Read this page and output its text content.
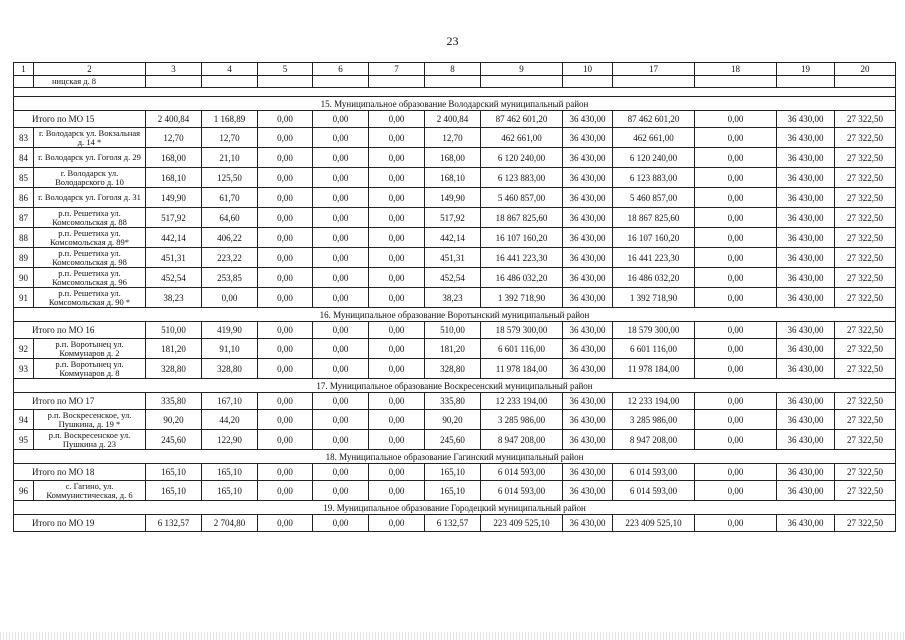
23
1	2	3	4	5	6	7	8	9	10	17	18	19	20
	ницская д. 8												

15. Муниципальное образование Володарский муниципальный район													
Итого по МО 15		2 400,84	1 168,89	0,00	0,00	0,00	2 400,84	87 462 601,20	36 430,00	87 462 601,20	0,00	36 430,00	27 322,50
83	г. Володарск ул. Вокзальная д. 14 *	12,70	12,70	0,00	0,00	0,00	12,70	462 661,00	36 430,00	462 661,00	0,00	36 430,00	27 322,50
84	г. Володарск ул. Гоголя д. 29	168,00	21,10	0,00	0,00	0,00	168,00	6 120 240,00	36 430,00	6 120 240,00	0,00	36 430,00	27 322,50
85	г. Володарск ул. Володарского д. 10	168,10	125,50	0,00	0,00	0,00	168,10	6 123 883,00	36 430,00	6 123 883,00	0,00	36 430,00	27 322,50
86	г. Володарск ул. Гоголя д. 31	149,90	61,70	0,00	0,00	0,00	149,90	5 460 857,00	36 430,00	5 460 857,00	0,00	36 430,00	27 322,50
87	р.п. Решетиха ул. Комсомольская д. 88	517,92	64,60	0,00	0,00	0,00	517,92	18 867 825,60	36 430,00	18 867 825,60	0,00	36 430,00	27 322,50
88	р.п. Решетиха ул. Комсомольская д. 89*	442,14	406,22	0,00	0,00	0,00	442,14	16 107 160,20	36 430,00	16 107 160,20	0,00	36 430,00	27 322,50
89	р.п. Решетиха ул. Комсомольская д. 98	451,31	223,22	0,00	0,00	0,00	451,31	16 441 223,30	36 430,00	16 441 223,30	0,00	36 430,00	27 322,50
90	р.п. Решетиха ул. Комсомольская д. 96	452,54	253,85	0,00	0,00	0,00	452,54	16 486 032,20	36 430,00	16 486 032,20	0,00	36 430,00	27 322,50
91	р.п. Решетиха ул. Комсомольская д. 90 *	38,23	0,00	0,00	0,00	0,00	38,23	1 392 718,90	36 430,00	1 392 718,90	0,00	36 430,00	27 322,50
16. Муниципальное образование Воротынский муниципальный район													
Итого по МО 16		510,00	419,90	0,00	0,00	0,00	510,00	18 579 300,00	36 430,00	18 579 300,00	0,00	36 430,00	27 322,50
92	р.п. Воротынец ул. Коммунаров д. 2	181,20	91,10	0,00	0,00	0,00	181,20	6 601 116,00	36 430,00	6 601 116,00	0,00	36 430,00	27 322,50
93	р.п. Воротынец ул. Коммунаров д. 8	328,80	328,80	0,00	0,00	0,00	328,80	11 978 184,00	36 430,00	11 978 184,00	0,00	36 430,00	27 322,50
17. Муниципальное образование Воскресенский муниципальный район													
Итого по МО 17		335,80	167,10	0,00	0,00	0,00	335,80	12 233 194,00	36 430,00	12 233 194,00	0,00	36 430,00	27 322,50
94	р.п. Воскресенское, ул. Пушкина, д. 19 *	90,20	44,20	0,00	0,00	0,00	90,20	3 285 986,00	36 430,00	3 285 986,00	0,00	36 430,00	27 322,50
95	р.п. Воскресенское ул. Пушкина д. 23	245,60	122,90	0,00	0,00	0,00	245,60	8 947 208,00	36 430,00	8 947 208,00	0,00	36 430,00	27 322,50
18. Муниципальное образование Гагинский муниципальный район													
Итого по МО 18		165,10	165,10	0,00	0,00	0,00	165,10	6 014 593,00	36 430,00	6 014 593,00	0,00	36 430,00	27 322,50
96	с. Гагино, ул. Коммунистическая, д. 6	165,10	165,10	0,00	0,00	0,00	165,10	6 014 593,00	36 430,00	6 014 593,00	0,00	36 430,00	27 322,50
19. Муниципальное образование Городецкий муниципальный район													
Итого по МО 19		6 132,57	2 704,80	0,00	0,00	0,00	6 132,57	223 409 525,10	36 430,00	223 409 525,10	0,00	36 430,00	27 322,50
